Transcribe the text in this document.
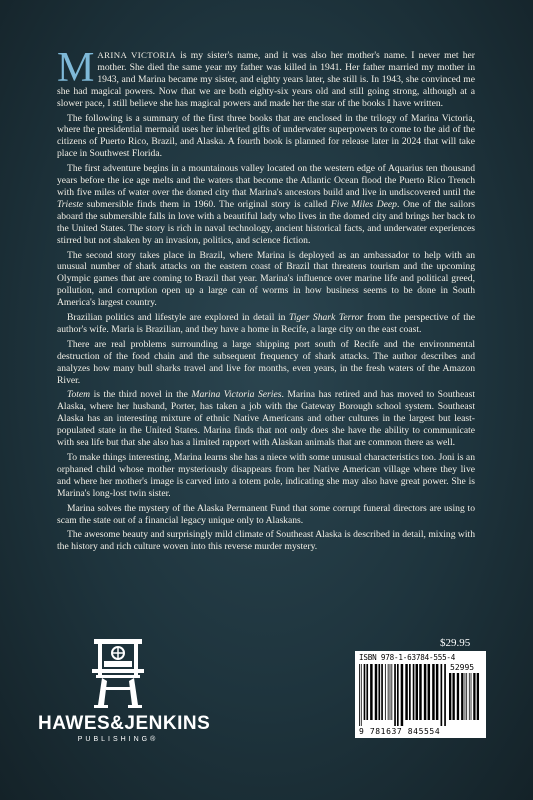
MARINA VICTORIA is my sister's name, and it was also her mother's name. I never met her mother. She died the same year my father was killed in 1941. Her father married my mother in 1943, and Marina became my sister, and eighty years later, she still is. In 1943, she convinced me she had magical powers. Now that we are both eighty-six years old and still going strong, although at a slower pace, I still believe she has magical powers and made her the star of the books I have written.

The following is a summary of the first three books that are enclosed in the trilogy of Marina Victoria, where the presidential mermaid uses her inherited gifts of underwater superpowers to come to the aid of the citizens of Puerto Rico, Brazil, and Alaska. A fourth book is planned for release later in 2024 that will take place in Southwest Florida.

The first adventure begins in a mountainous valley located on the western edge of Aquarius ten thousand years before the ice age melts and the waters that become the Atlantic Ocean flood the Puerto Rico Trench with five miles of water over the domed city that Marina's ancestors build and live in undiscovered until the Trieste submersible finds them in 1960. The original story is called Five Miles Deep. One of the sailors aboard the submersible falls in love with a beautiful lady who lives in the domed city and brings her back to the United States. The story is rich in naval technology, ancient historical facts, and underwater experiences stirred but not shaken by an invasion, politics, and science fiction.

The second story takes place in Brazil, where Marina is deployed as an ambassador to help with an unusual number of shark attacks on the eastern coast of Brazil that threatens tourism and the upcoming Olympic games that are coming to Brazil that year. Marina's influence over marine life and political greed, pollution, and corruption open up a large can of worms in how business seems to be done in South America's largest country.

Brazilian politics and lifestyle are explored in detail in Tiger Shark Terror from the perspective of the author's wife. Maria is Brazilian, and they have a home in Recife, a large city on the east coast.

There are real problems surrounding a large shipping port south of Recife and the environmental destruction of the food chain and the subsequent frequency of shark attacks. The author describes and analyzes how many bull sharks travel and live for months, even years, in the fresh waters of the Amazon River.

Totem is the third novel in the Marina Victoria Series. Marina has retired and has moved to Southeast Alaska, where her husband, Porter, has taken a job with the Gateway Borough school system. Southeast Alaska has an interesting mixture of ethnic Native Americans and other cultures in the largest but least-populated state in the United States. Marina finds that not only does she have the ability to communicate with sea life but that she also has a limited rapport with Alaskan animals that are common there as well.

To make things interesting, Marina learns she has a niece with some unusual characteristics too. Joni is an orphaned child whose mother mysteriously disappears from her Native American village where they live and where her mother's image is carved into a totem pole, indicating she may also have great power. She is Marina's long-lost twin sister.

Marina solves the mystery of the Alaska Permanent Fund that some corrupt funeral directors are using to scam the state out of a financial legacy unique only to Alaskans.

The awesome beauty and surprisingly mild climate of Southeast Alaska is described in detail, mixing with the history and rich culture woven into this reverse murder mystery.

$29.95
ISBN 978-1-63784-555-4
52995
9 781637 845554
HAWES&JENKINS
PUBLISHING®
